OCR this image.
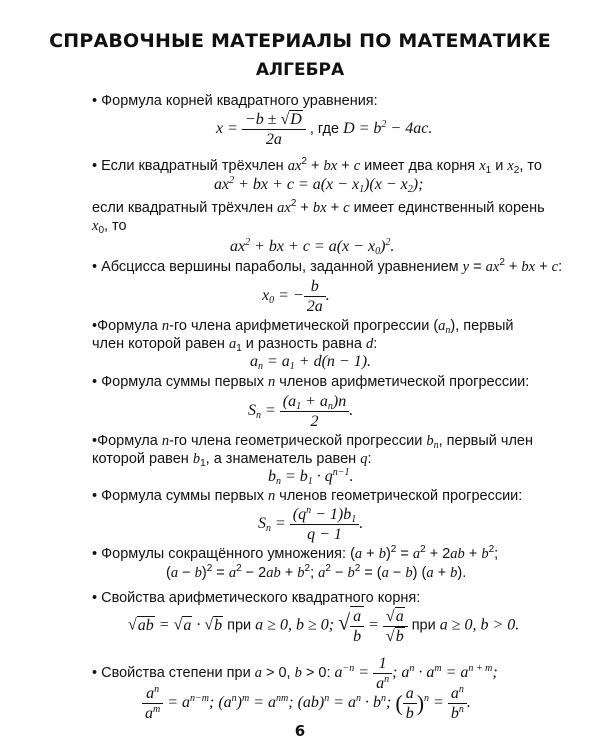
СПРАВОЧНЫЕ МАТЕРИАЛЫ ПО МАТЕМАТИКЕ
АЛГЕБРА
• Формула корней квадратного уравнения:
$x = \frac{-b \pm √D}{2a}$ , где $D = b^2 - 4ac$.
• Если квадратный трёхчлен $ax^2$ + bx + c имеет два корня $x_1$ и $x_2$, то
$ax^2$ + bx + $c = a(x - x_1)(x - x_2)$;
если квадратный трёхчлен $ax^2$ + bx + c имеет единственный корень
$x_0$, то
$ax^2$ + bx + $c = a(x - x_0)^2$.
• Абсцисса вершины параболы, заданной уравнением $y = ax^2$ + bx + c:
$x_0$ = − $\frac{b}{2a}$ .
•Формула n-го члена арифметической прогрессии $(a_n)$, первый
член которой равен $a_1$ и разность равна d:
$a_n = a_1 + d(n - 1)$.
• Формула суммы первых n членов арифметической прогрессии:
$S_n = \frac{(a_1 + a_n)n}{2}$ .
•Формула n-го члена геометрической прогрессии $b_n$, первый член
которой равен $b_1$, а знаменатель равен q:
$b_n = b_1 \cdot q^{n-1}$.
• Формула суммы первых n членов геометрической прогрессии:
$S_n = \frac{(q^n - 1)b_1}{q - 1}$ .
• Формулы сокращённого умножения: $(a + b)^2 = a^2 + 2ab + b^2$;
$(a - b)^2 = a^2 - 2ab + b^2$; $a^2 - b^2 = (a - b) (a + b)$.
• Свойства арифметического квадратного корня:
√ab = √a · √b при a ≥ 0, b ≥ 0; √ $\frac{a}{b} = \frac{√a}{√b}$ при a ≥ 0, b > 0.
• Свойства степени при a > 0, b > 0: $a^{-n} = \frac{1}{a^n}$ ; $a^n \cdot a^m = a^{n + m}$;
$\frac{a^n}{a^m} = a^{n-m}$; $(a^n)^m = a^{nm}$; $(ab)^n = a^n \cdot b^n$; ( $\frac{a}{b} )^n = \frac{a^n}{b^n}$ .
6
